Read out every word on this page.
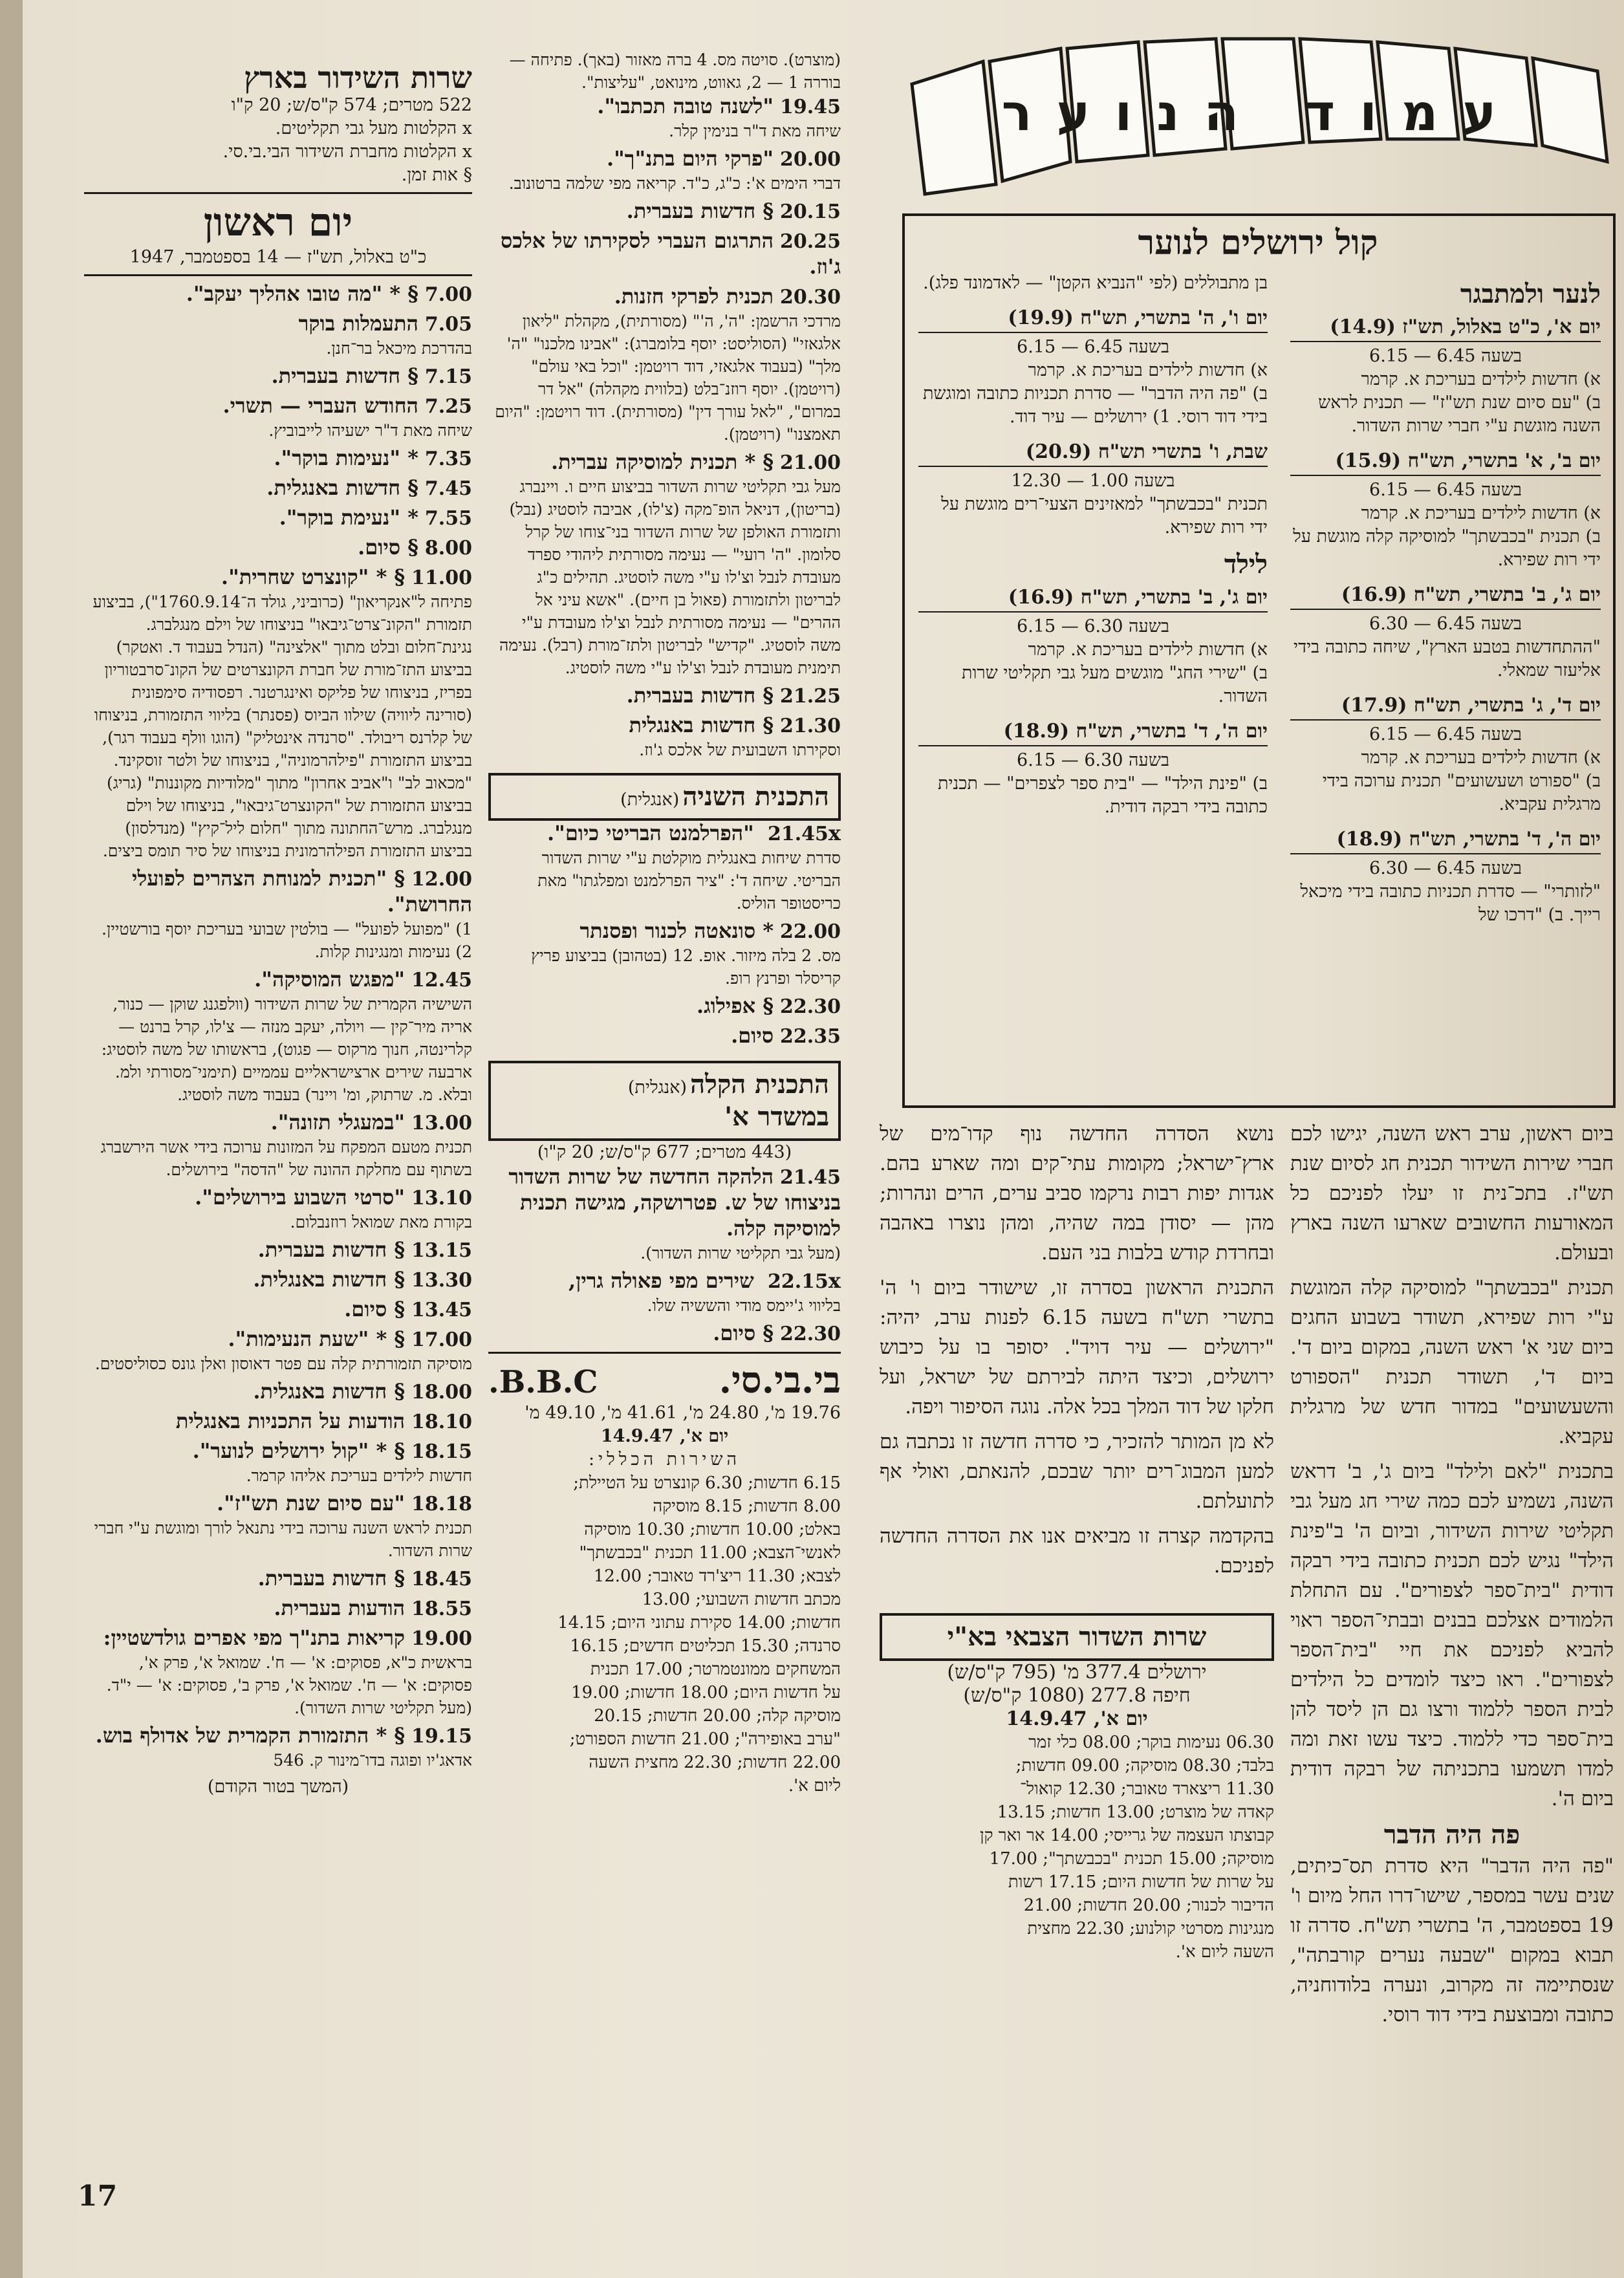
עמוד הנוער
קול ירושלים לנוער
לנער ולמתבגר
יום א', כ"ט באלול, תש"ז (14.9)
בשעה 6.45 — 6.15
א) חדשות לילדים בעריכת א. קרמר
ב) "עם סיום שנת תש"ז" — תכנית לראש השנה מוגשת ע"י חברי שרות השדור.
יום ב', א' בתשרי, תש"ח (15.9)
בשעה 6.45 — 6.15
א) חדשות לילדים בעריכת א. קרמר
ב) תכנית "בכבשתך" למוסיקה קלה מוגשת על ידי רות שפירא.
יום ג', ב' בתשרי, תש"ח (16.9)
בשעה 6.45 — 6.30
"ההתחדשות בטבע הארץ", שיחה כתובה בידי אליעזר שמאלי.
יום ד', ג' בתשרי, תש"ח (17.9)
בשעה 6.45 — 6.15
א) חדשות לילדים בעריכת א. קרמר
ב) "ספורט ושעשועים" תכנית ערוכה בידי מרגלית עקביא.
יום ה', ד' בתשרי, תש"ח (18.9)
בשעה 6.45 — 6.30
"לזותרי" — סדרת תכניות כתובה בידי מיכאל רייך. ב) "דרכו של
בן מתבוללים (לפי "הנביא הקטן" — לאדמונד פלג).
יום ו', ה' בתשרי, תש"ח (19.9)
בשעה 6.45 — 6.15
א) חדשות לילדים בעריכת א. קרמר
ב) "פה היה הדבר" — סדרת תכניות כתובה ומוגשת בידי דוד רוסי. 1) ירושלים — עיר דוד.
שבת, ו' בתשרי תש"ח (20.9)
בשעה 1.00 — 12.30
תכנית "בכבשתך" למאזינים הצעי־רים מוגשת על ידי רות שפירא.
לילד
יום ג', ב' בתשרי, תש"ח (16.9)
בשעה 6.30 — 6.15
א) חדשות לילדים בעריכת א. קרמר
ב) "שירי החג" מוגשים מעל גבי תקליטי שרות השדור.
יום ה', ד' בתשרי, תש"ח (18.9)
בשעה 6.30 — 6.15
ב) "פינת הילד" — "בית ספר לצפרים" — תכנית כתובה בידי רבקה דודית.

ביום ראשון, ערב ראש השנה, יגישו לכם חברי שירות השידור תכנית חג לסיום שנת תש"ז. בתכ־נית זו יעלו לפניכם כל המאורעות החשובים שארעו השנה בארץ ובעולם.

תכנית "בכבשתך" למוסיקה קלה המוגשת ע"י רות שפירא, תשודר בשבוע החגים ביום שני א' ראש השנה, במקום ביום ד'. ביום ד', תשודר תכנית "הספורט והשעשועים" במדור חדש של מרגלית עקביא.

בתכנית "לאם ולילד" ביום ג', ב' דראש השנה, נשמיע לכם כמה שירי חג מעל גבי תקליטי שירות השידור, וביום ה' ב"פינת הילד" נגיש לכם תכנית כתובה בידי רבקה דודית "בית־ספר לצפורים". עם התחלת הלמודים אצלכם בבנים ובבתי־הספר ראוי להביא לפניכם את חיי "בית־הספר לצפורים". ראו כיצד לומדים כל הילדים לבית הספר ללמוד ורצו גם הן ליסד להן בית־ספר כדי ללמוד. כיצד עשו זאת ומה למדו תשמעו בתכניתה של רבקה דודית ביום ה'.

פה היה הדבר

"פה היה הדבר" היא סדרת תס־כיתים, שנים עשר במספר, שישו־דרו החל מיום ו' 19 בספטמבר, ה' בתשרי תש"ח. סדרה זו תבוא במקום "שבעה נערים קורבתה", שנסתיימה זה מקרוב, ונערה בלודוחניה, כתובה ומבוצעת בידי דוד רוסי.

נושא הסדרה החדשה נוף קדו־מים של ארץ־ישראל; מקומות עתי־קים ומה שארע בהם. אגדות יפות רבות נרקמו סביב ערים, הרים ונהרות; מהן — יסודן במה שהיה, ומהן נוצרו באהבה ובחרדת קודש בלבות בני העם.

התכנית הראשון בסדרה זו, שישודר ביום ו' ה' בתשרי תש"ח בשעה 6.15 לפנות ערב, יהיה: "ירושלים — עיר דויד". יסופר בו על כיבוש ירושלים, וכיצד היתה לבירתם של ישראל, ועל חלקו של דוד המלך בכל אלה. נוגה הסיפור ויפה.

לא מן המותר להזכיר, כי סדרה חדשה זו נכתבה גם למען המבוג־רים יותר שבכם, להנאתם, ואולי אף לתועלתם.

בהקדמה קצרה זו מביאים אנו את הסדרה החדשה לפניכם.

שרות השדור הצבאי בא"י
ירושלים 377.4 מ' (795 ק"ס/ש)
חיפה 277.8 (1080 ק"ס/ש)
יום א', 14.9.47
06.30 נעימות בוקר; 08.00 כלי זמר
בלבד; 08.30 מוסיקה; 09.00 חדשות;
11.30 ריצארד טאובר; 12.30 קואול־
קאדה של מוצרט; 13.00 חדשות; 13.15
קבוצתו העצמה של גרייסי; 14.00 אר ואר קן
מוסיקה; 15.00 תכנית "בכבשתך"; 17.00
על שרות של חדשות היום; 17.15 רשות
הדיבור לכנור; 20.00 חדשות; 21.00
מנגינות מסרטי קולנוע; 22.30 מחצית
השעה ליום א'.

(מוצרט). סויטה מס. 4 ברה מאזור (באך). פתיחה — בוררה 1 — 2, גאווט, מינואט, "עליצות".

19.45"לשנה טובה תכתבו".
שיחה מאת ד"ר בנימין קלר.
20.00"פרקי היום בתנ"ך".
דברי הימים א': כ"ג, כ"ד. קריאה מפי שלמה ברטונוב.
20.15§ חדשות בעברית.
20.25התרגום העברי לסקירתו של אלכס ג'וז.
20.30תכנית לפרקי חזנות.
מרדכי הרשמן: "ה', ה'" (מסורתית), מקהלת "ליאון אלגאזי" (הסוליסט: יוסף בלומברג): "אבינו מלכנו" "ה' מלך" (בעבוד אלגאזי, דוד רויטמן: "וכל באי עולם" (רויטמן). יוסף רוזנ־בלט (בלווית מקהלה) "אל דר במרום", "לאל עורך דין" (מסורתית). דוד רויטמן: "היום תאמצנו" (רויטמן).
21.00§ * תכנית למוסיקה עברית.
מעל גבי תקליטי שרות השדור בביצוע חיים ו. ויינברג (בריטון), דניאל הופ־מקה (צ'לו), אביבה לוסטיג (נבל) ותזמורת האולפן של שרות השדור בני־צוחו של קרל סלומון. "ה' רועי" — נעימה מסורתית ליהודי ספרד מעובדת לנבל וצ'לו ע"י משה לוסטיג. תהילים כ"ג לבריטון ולתזמורת (פאול בן חיים). "אשא עיני אל ההרים" — נעימה מסורתית לנבל וצ'לו מעובדת ע"י משה לוסטיג. "קדיש" לבריטון ולתז־מורת (רבל). נעימה תימנית מעובדת לנבל וצ'לו ע"י משה לוסטיג.
21.25§ חדשות בעברית.
21.30§ חדשות באנגלית
וסקירתו השבועית של אלכס ג'וז.
התכנית השניה (אנגלית)
21.45x "הפרלמנט הבריטי כיום".
סדרת שיחות באנגלית מוקלטת ע"י שרות השדור הבריטי. שיחה ד': "ציר הפרלמנט ומפלגתו" מאת כריסטופר הוליס.
22.00* סונאטה לכנור ופסנתר
מס. 2 בלה מיזור. אופ. 12 (בטהובן) בביצוע פריץ קריסלר ופרנץ רופ.
22.30§ אפילוג.
22.35סיום.
התכנית הקלה (אנגלית)
במשדר א'
(443 מטרים; 677 ק"ס/ש; 20 ק"ו)
21.45הלהקה החדשה של שרות השדור בניצוחו של ש. פטרושקה, מגישה תכנית למוסיקה קלה.
(מעל גבי תקליטי שרות השדור).
22.15x שירים מפי פאולה גרין,
בליווי ג'יימס מודי והששיה שלו.
22.30§ סיום.
בי.בי.סי.
B.B.C.
19.76 מ', 24.80 מ', 41.61 מ', 49.10 מ'
יום א', 14.9.47
השירות הכללי:
6.15 חדשות; 6.30 קונצרט על הטיילת;
8.00 חדשות; 8.15 מוסיקה
באלט; 10.00 חדשות; 10.30 מוסיקה
לאנשי־הצבא; 11.00 תכנית "בכבשתך"
לצבא; 11.30 ריצ'רד טאובר; 12.00
מכתב חדשות השבועי; 13.00
חדשות; 14.00 סקירת עתוני היום; 14.15
סרנדה; 15.30 תכליטים חדשים; 16.15
המשחקים ממונטמרטר; 17.00 תכנית
על חדשות היום; 18.00 חדשות; 19.00
מוסיקה קלה; 20.00 חדשות; 20.15
"ערב באופירה"; 21.00 חדשות הספורט;
22.00 חדשות; 22.30 מחצית השעה
ליום א'.
שרות השידור בארץ
522 מטרים; 574 ק"ס/ש; 20 ק"ו
x הקלטות מעל גבי תקליטים.
x הקלטות מחברת השידור הבי.בי.סי.
§ אות זמן.
יום ראשון
כ"ט באלול, תש"ז — 14 בספטמבר, 1947
7.00§ * "מה טובו אהליך יעקב".
7.05התעמלות בוקר
בהדרכת מיכאל בר־חנן.
7.15§ חדשות בעברית.
7.25החודש העברי — תשרי.
שיחה מאת ד"ר ישעיהו לייבוביץ.
7.35* "נעימות בוקר".
7.45§ חדשות באנגלית.
7.55* "נעימת בוקר".
8.00§ סיום.
11.00§ * "קונצרט שחרית".
פתיחה ל"אנקריאון" (כרוביני, גולד ה־1760.9.14"), בביצוע תזמורת "הקונ־צרט־גיבאו" בניצוחו של וילם מנגלברג. נגינת־חלום ובלט מתוך "אלצינה" (הנדל בעבוד ד. ואטקר) בביצוע התז־מורת של חברת הקונצרטים של הקונ־סרבטוריון בפריז, בניצוחו של פליקס ואינגרטנר. רפסודיה סימפונית (סורינה ליוויה) שילוו הביוס (פסנתר) בליווי התזמורת, בניצוחו של קלרנס ריבולד. "סרנדה אינטליק" (הוגו וולף בעבוד רגר), בביצוע התזמורת "פילהרמוניה", בניצוחו של ולטר זוסקינד. "מכאוב לב" ו"אביב אחרון" מתוך "מלודיות מקוננות" (גריג) בביצוע התזמורת של "הקונצרט־גיבאו", בניצוחו של וילם מנגלברג. מרש־החתונה מתוך "חלום ליל־קיץ" (מנדלסון) בביצוע התזמורת הפילהרמונית בניצוחו של סיר תומס ביצים.
12.00§ "תכנית למנוחת הצהרים לפועלי החרושת".
1) "מפועל לפועל" — בולטין שבועי בעריכת יוסף בורשטיין. 2) נעימות ומנגינות קלות.
12.45"מפגש המוסיקה".
השישיה הקמרית של שרות השידור (וולפגנג שוקן — כנור, אריה מיר־קין — ויולה, יעקב מנזה — צ'לו, קרל ברנט — קלרינטה, חנוך מרקוס — פגוט), בראשותו של משה לוסטיג: ארבעה שירים ארצישראליים עממיים (תימני־מסורתי ולמ. ובלא. מ. שרתוק, ומ' ויינר) בעבוד משה לוסטיג.
13.00"במעגלי תזונה".
תכנית מטעם המפקח על המזונות ערוכה בידי אשר הירשברג בשתוף עם מחלקת ההונה של "הדסה" בירושלים.
13.10"סרטי השבוע בירושלים".
בקורת מאת שמואל רוזנבלום.
13.15§ חדשות בעברית.
13.30§ חדשות באנגלית.
13.45§ סיום.
17.00§ * "שעת הנעימות".
מוסיקה תזמורתית קלה עם פטר דאוסון ואלן גונס כסוליסטים.
18.00§ חדשות באנגלית.
18.10הודעות על התכניות באנגלית
18.15§ * "קול ירושלים לנוער".
חדשות לילדים בעריכת אליהו קרמר.
18.18"עם סיום שנת תש"ז".
תכנית לראש השנה ערוכה בידי נתנאל לורך ומוגשת ע"י חברי שרות השדור.
18.45§ חדשות בעברית.
18.55הודעות בעברית.
19.00קריאות בתנ"ך מפי אפרים גולדשטיין:
בראשית כ"א, פסוקים: א' — ח'. שמואל א', פרק א', פסוקים: א' — ח'. שמואל א', פרק ב', פסוקים: א' — י"ד. (מעל תקליטי שרות השדור).
19.15§ * התזמורת הקמרית של אדולף בוש.
אדאג'יו ופוגה בדו־מינור ק. 546
(המשך בטור הקודם)
17
